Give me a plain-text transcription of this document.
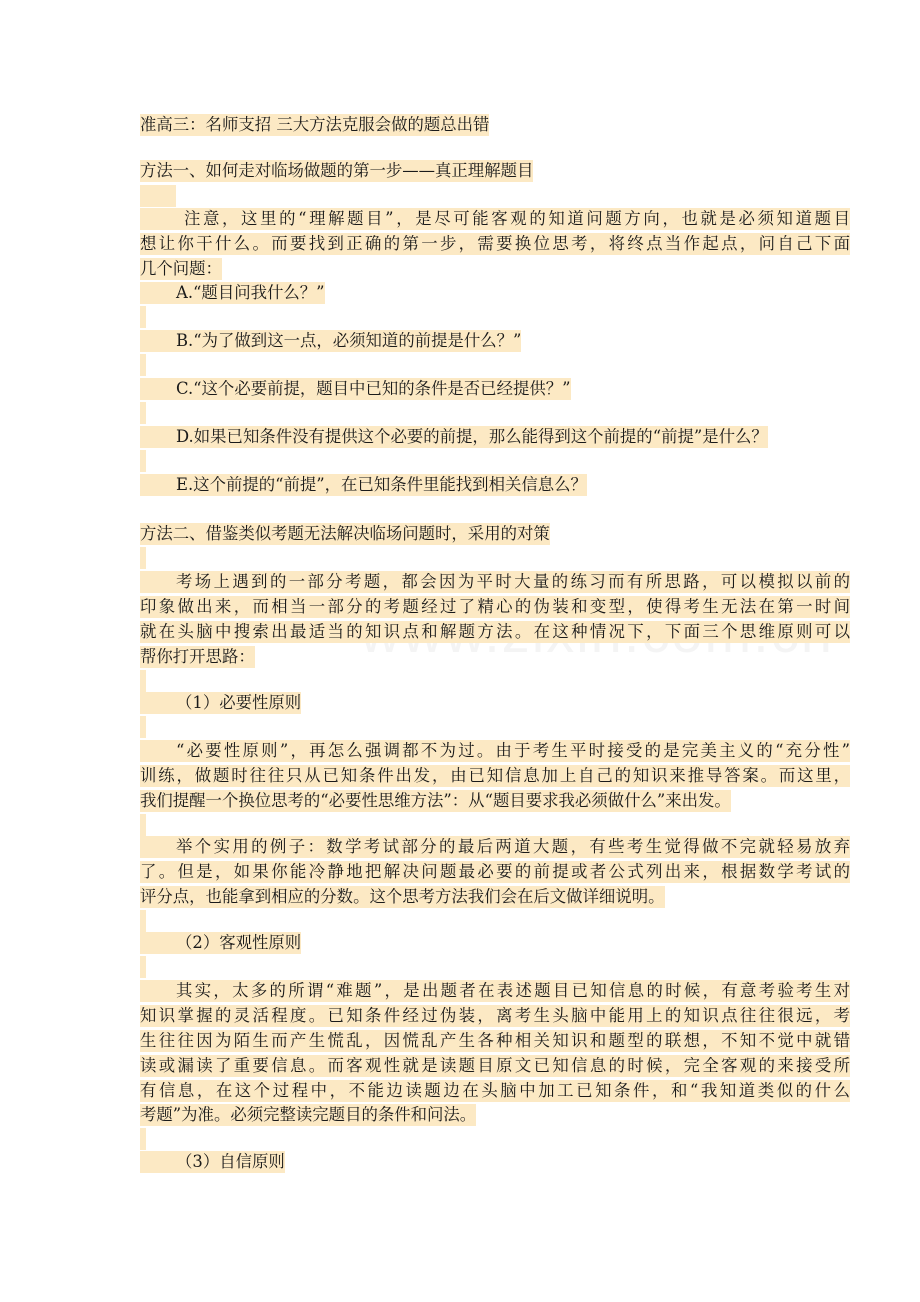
准高三：名师支招 三大方法克服会做的题总出错
方法一、如何走对临场做题的第一步——真正理解题目
注意，这里的“理解题目”，是尽可能客观的知道问题方向，也就是必须知道题目
想让你干什么。而要找到正确的第一步，需要换位思考，将终点当作起点，问自己下面
几个问题：
A.“题目问我什么？”
B.“为了做到这一点，必须知道的前提是什么？”
C.“这个必要前提，题目中已知的条件是否已经提供？”
D.如果已知条件没有提供这个必要的前提，那么能得到这个前提的“前提”是什么？
E.这个前提的“前提”，在已知条件里能找到相关信息么？
方法二、借鉴类似考题无法解决临场问题时，采用的对策
考场上遇到的一部分考题，都会因为平时大量的练习而有所思路，可以模拟以前的
印象做出来，而相当一部分的考题经过了精心的伪装和变型，使得考生无法在第一时间
就在头脑中搜索出最适当的知识点和解题方法。在这种情况下，下面三个思维原则可以
帮你打开思路：
（1）必要性原则
“必要性原则”，再怎么强调都不为过。由于考生平时接受的是完美主义的“充分性”
训练，做题时往往只从已知条件出发，由已知信息加上自己的知识来推导答案。而这里，
我们提醒一个换位思考的“必要性思维方法”：从“题目要求我必须做什么”来出发。
举个实用的例子：数学考试部分的最后两道大题，有些考生觉得做不完就轻易放弃
了。但是，如果你能冷静地把解决问题最必要的前提或者公式列出来，根据数学考试的
评分点，也能拿到相应的分数。这个思考方法我们会在后文做详细说明。
（2）客观性原则
其实，太多的所谓“难题”，是出题者在表述题目已知信息的时候，有意考验考生对
知识掌握的灵活程度。已知条件经过伪装，离考生头脑中能用上的知识点往往很远，考
生往往因为陌生而产生慌乱，因慌乱产生各种相关知识和题型的联想，不知不觉中就错
读或漏读了重要信息。而客观性就是读题目原文已知信息的时候，完全客观的来接受所
有信息，在这个过程中，不能边读题边在头脑中加工已知条件，和“我知道类似的什么
考题”为准。必须完整读完题目的条件和问法。
（3）自信原则
